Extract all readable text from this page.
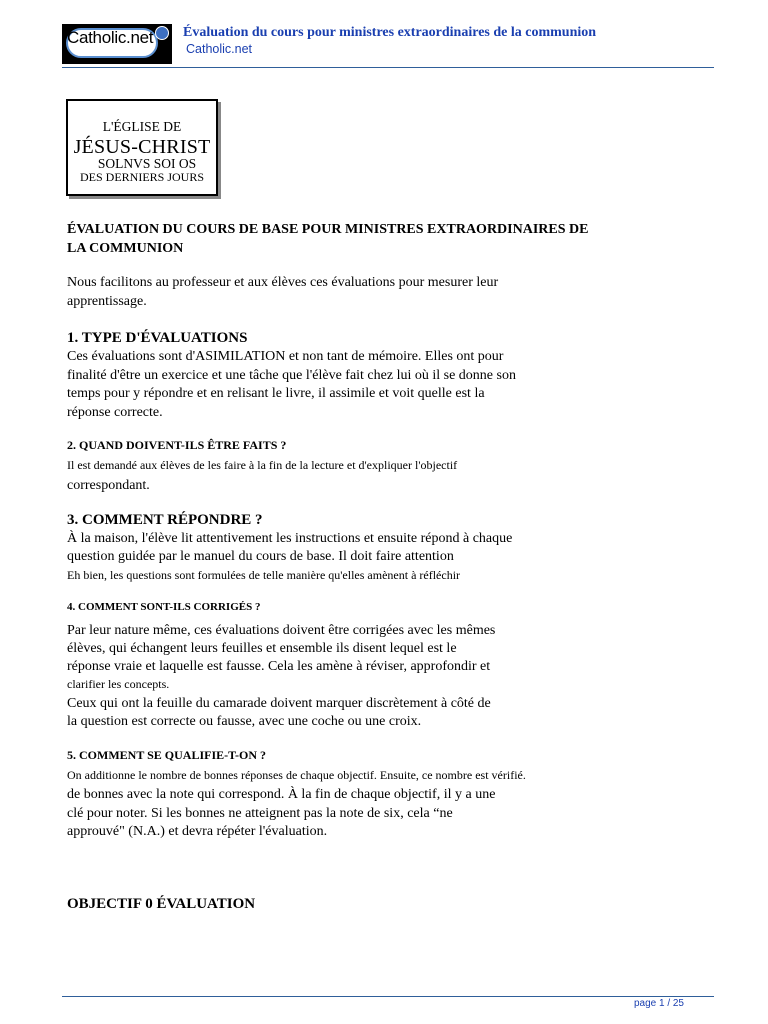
Catholic.net Évaluation du cours pour ministres extraordinaires de la communion
Catholic.net
L'ÉGLISE DE
JÉSUS-CHRIST
SOLNVS SOI OS
DES DERNIERS JOURS
ÉVALUATION DU COURS DE BASE POUR MINISTRES EXTRAORDINAIRES DE
LA COMMUNION
Nous facilitons au professeur et aux élèves ces évaluations pour mesurer leur
apprentissage.
1. TYPE D'ÉVALUATIONS
Ces évaluations sont d'ASIMILATION et non tant de mémoire. Elles ont pour
finalité d'être un exercice et une tâche que l'élève fait chez lui où il se donne son
temps pour y répondre et en relisant le livre, il assimile et voit quelle est la
réponse correcte.
2. QUAND DOIVENT-ILS ÊTRE FAITS ?
Il est demandé aux élèves de les faire à la fin de la lecture et d'expliquer l'objectif
correspondant.
3. COMMENT RÉPONDRE ?
À la maison, l'élève lit attentivement les instructions et ensuite répond à chaque
question guidée par le manuel du cours de base. Il doit faire attention
Eh bien, les questions sont formulées de telle manière qu'elles amènent à réfléchir
4. COMMENT SONT-ILS CORRIGÉS ?
Par leur nature même, ces évaluations doivent être corrigées avec les mêmes
élèves, qui échangent leurs feuilles et ensemble ils disent lequel est le
réponse vraie et laquelle est fausse. Cela les amène à réviser, approfondir et
clarifier les concepts.
Ceux qui ont la feuille du camarade doivent marquer discrètement à côté de
la question est correcte ou fausse, avec une coche ou une croix.
5. COMMENT SE QUALIFIE-T-ON ?
On additionne le nombre de bonnes réponses de chaque objectif. Ensuite, ce nombre est vérifié.
de bonnes avec la note qui correspond. À la fin de chaque objectif, il y a une
clé pour noter. Si les bonnes ne atteignent pas la note de six, cela “ne
approuvé" (N.A.) et devra répéter l'évaluation.
OBJECTIF 0 ÉVALUATION
page 1 / 25
